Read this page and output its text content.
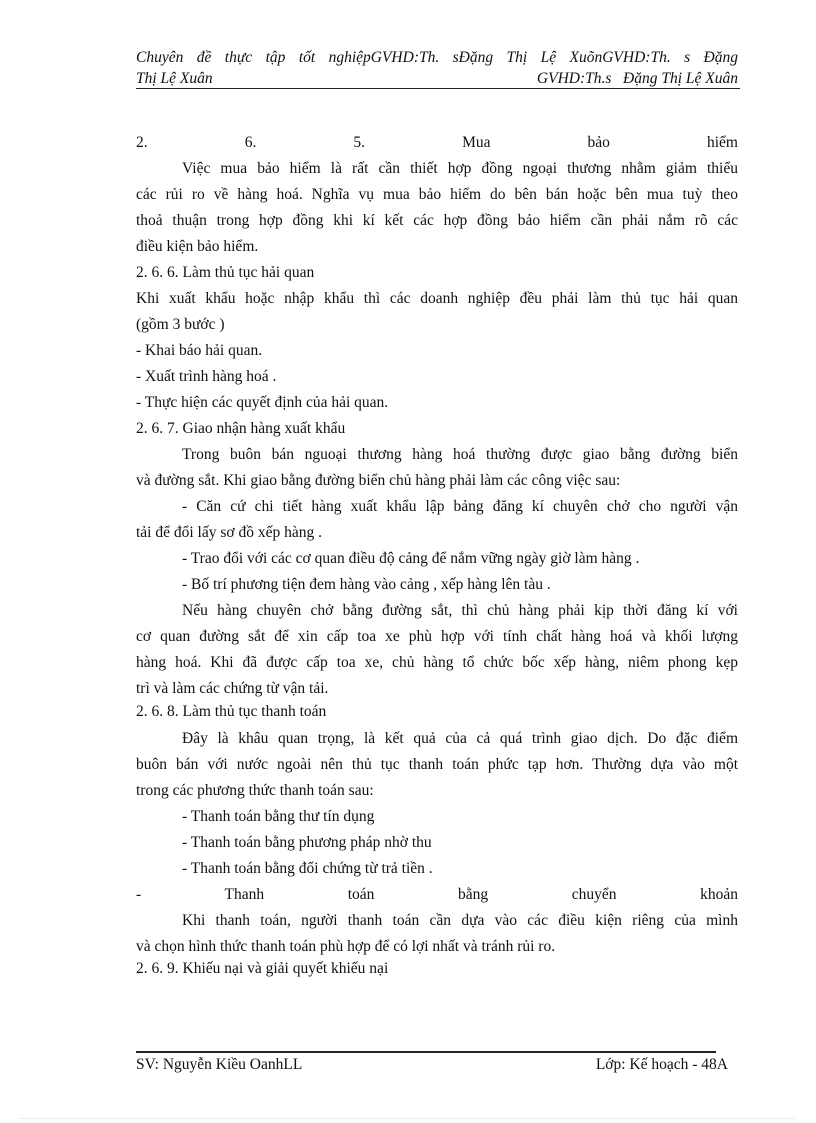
Chuyên đề thực tập tốt nghiệpGVHD:Th. sĐặng Thị Lệ XuõnGVHD:Th. s Đặng
Thị Lệ Xuân	GVHD:Th.s   Đặng Thị Lệ Xuân
2. 6. 5. Mua bảo hiểm
Việc mua bảo hiểm là rất cần thiết hợp đồng ngoại thương nhằm giảm thiểu
các rủi ro về hàng hoá. Nghĩa vụ mua bảo hiểm do bên bán hoặc bên mua tuỳ theo
thoả thuận trong hợp đồng khi kí kết các hợp đồng bảo hiểm cần phải nắm rõ các
điều kiện bảo hiểm.
2. 6. 6. Làm thủ tục hải quan
Khi xuất khẩu hoặc nhập khẩu thì các doanh nghiệp đều phải làm thủ tục hải quan
(gồm 3 bước )
- Khai báo hải quan.
- Xuất trình hàng hoá .
- Thực hiện các quyết định của hải quan.
2. 6. 7. Giao nhận hàng xuất khẩu
Trong buôn bán nguoại thương hàng hoá thường được giao bằng đường biển
và đường sắt. Khi giao bằng đường biển chủ hàng phải làm các công việc sau:
- Căn cứ chi tiết hàng xuất khẩu lập bảng đăng kí chuyên chở cho người vận
tải để đổi lấy sơ đồ xếp hàng .
- Trao đổi với các cơ quan điều độ cảng để nắm vững ngày giờ làm hàng .
- Bố trí phương tiện đem hàng vào cảng , xếp hàng lên tàu .
Nếu hàng chuyên chở bằng đường sắt, thì chủ hàng phải kịp thời đăng kí với
cơ quan đường sắt để xin cấp toa xe phù hợp với tính chất hàng hoá và khối lượng
hàng hoá. Khi đã được cấp toa xe, chủ hàng tổ chức bốc xếp hàng, niêm phong kẹp
trì và làm các chứng từ vận tải.
2. 6. 8. Làm thủ tục thanh toán
Đây là khâu quan trọng, là kết quả của cả quá trình giao dịch. Do đặc điểm
buôn bán với nước ngoài nên thủ tục thanh toán phức tạp hơn. Thường dựa vào một
trong các phương thức thanh toán sau:
- Thanh toán bằng thư tín dụng
- Thanh toán bằng phương pháp nhờ thu
- Thanh toán bằng đổi chứng từ trả tiền .
- Thanh toán bằng chuyển khoản
Khi thanh toán, người thanh toán cần dựa vào các điều kiện riêng của mình
và chọn hình thức thanh toán phù hợp để có lợi nhất và tránh rủi ro.
2. 6. 9. Khiếu nại và giải quyết khiếu nại
SV: Nguyễn Kiều OanhLL	Lớp: Kế hoạch - 48A
